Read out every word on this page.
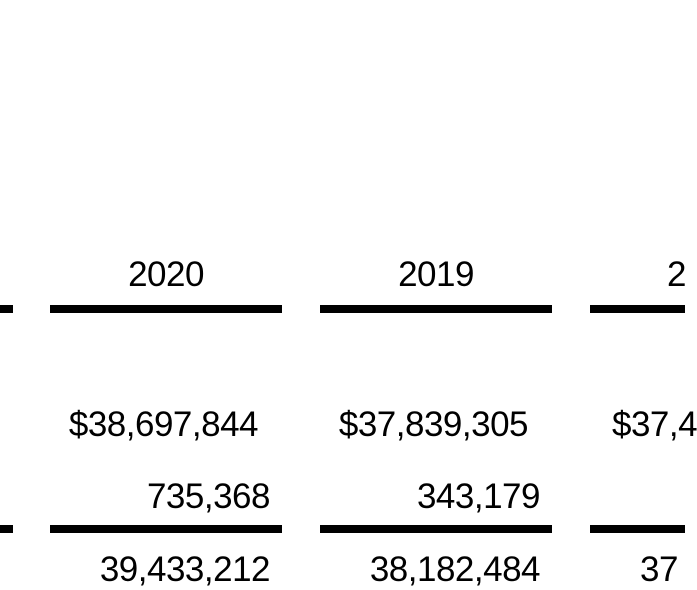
2020	2019	2
$38,697,844	$37,839,305 $37,4
735,368	343,179
39,433,212	38,182,484	37
